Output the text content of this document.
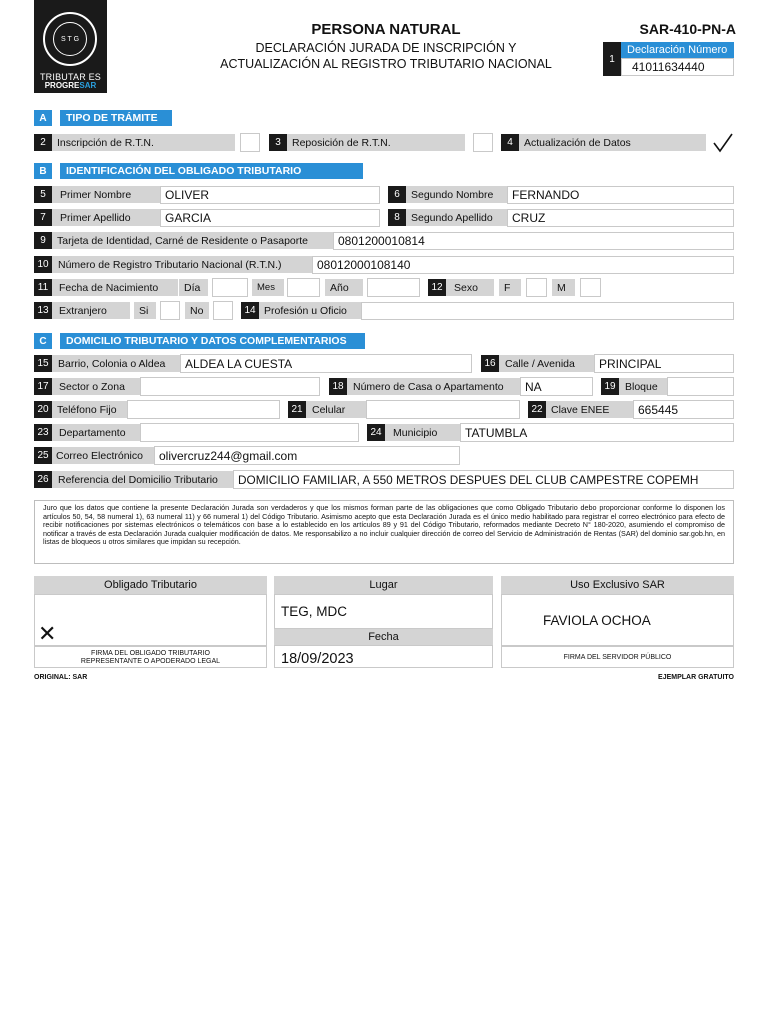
S T G
TRIBUTAR ES
PROGRESAR
PERSONA NATURAL
DECLARACIÓN JURADA DE INSCRIPCIÓN Y
ACTUALIZACIÓN AL REGISTRO TRIBUTARIO NACIONAL
SAR-410-PN-A
1
Declaración Número
41011634440
A	TIPO DE TRÁMITE
2	Inscripción de R.T.N.	3	Reposición de R.T.N.	4	Actualización de Datos
B	IDENTIFICACIÓN DEL OBLIGADO TRIBUTARIO
5	Primer Nombre	OLIVER	6	Segundo Nombre	FERNANDO
7	Primer Apellido	GARCIA	8	Segundo Apellido	CRUZ
9	Tarjeta de Identidad, Carné de Residente o Pasaporte	0801200010814
10 Número de Registro Tributario Nacional (R.T.N.)	08012000108140
11	Fecha de Nacimiento	Día	Mes	Año	12	Sexo	F	M
13 Extranjero	Si	No	14 Profesión u Oficio
C	DOMICILIO TRIBUTARIO Y DATOS COMPLEMENTARIOS
15 Barrio, Colonia o Aldea	ALDEA LA CUESTA	16 Calle / Avenida	PRINCIPAL
17 Sector o Zona	18 Número de Casa o Apartamento	NA	19 Bloque
20 Teléfono Fijo	21 Celular	22 Clave ENEE	665445
23 Departamento	24	Municipio	TATUMBLA
25 Correo Electrónico	olivercruz244@gmail.com
26 Referencia del Domicilio Tributario	DOMICILIO FAMILIAR, A 550 METROS DESPUES DEL CLUB CAMPESTRE COPEMH
Juro que los datos que contiene la presente Declaración Jurada son verdaderos y que los mismos forman parte de las obligaciones que como Obligado Tributario debo proporcionar conforme lo disponen los artículos 50, 54, 58 numeral 1), 63 numeral 11) y 66 numeral 1) del Código Tributario. Asimismo acepto que esta Declaración Jurada es el único medio habilitado para registrar el correo electrónico para efecto de recibir notificaciones por sistemas electrónicos o telemáticos con base a lo establecido en los artículos 89 y 91 del Código Tributario, reformados mediante Decreto N° 180-2020, asumiendo el compromiso de notificar a través de esta Declaración Jurada cualquier modificación de datos. Me responsabilizo a no incluir cualquier dirección de correo del Servicio de Administración de Rentas (SAR) del dominio sar.gob.hn, en listas de bloqueos u otros similares que impidan su recepción.
Obligado Tributario
✕
FIRMA DEL OBLIGADO TRIBUTARIO
REPRESENTANTE O APODERADO LEGAL
Lugar
TEG, MDC
Fecha
18/09/2023
Uso Exclusivo SAR
FAVIOLA OCHOA
FIRMA DEL SERVIDOR PÚBLICO
ORIGINAL: SAR	EJEMPLAR GRATUITO
